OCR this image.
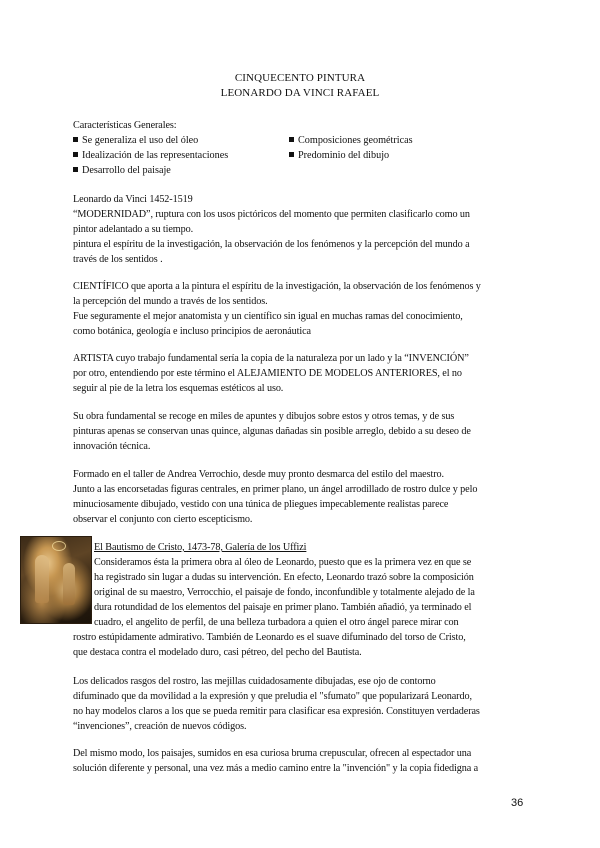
CINQUECENTO PINTURA
LEONARDO DA VINCI RAFAEL
Características Generales:
Se generaliza el uso del óleo
Idealización de las representaciones
Desarrollo del paisaje
Composiciones geométricas
Predominio del dibujo
Leonardo da Vinci 1452-1519
“MODERNIDAD”, ruptura con los usos pictóricos del momento que permiten clasificarlo como un
pintor adelantado a su tiempo.
pintura el espíritu de la investigación, la observación de los fenómenos y la percepción del mundo a
través de los sentidos .
CIENTÍFICO que aporta a la pintura el espíritu de la investigación, la observación de los fenómenos y
la percepción del mundo a través de los sentidos.
Fue seguramente el mejor anatomista y un científico sin igual en muchas ramas del conocimiento,
como botánica, geología e incluso principios de aeronáutica
ARTISTA cuyo trabajo fundamental sería la copia de la naturaleza por un lado y la “INVENCIÓN”
por otro, entendiendo por este término el ALEJAMIENTO DE MODELOS ANTERIORES, el no
seguir al pie de la letra los esquemas estéticos al uso.
Su obra fundamental se recoge en miles de apuntes y dibujos sobre estos y otros temas, y de sus
pinturas apenas se conservan unas quince, algunas dañadas sin posible arreglo, debido a su deseo de
innovación técnica.
Formado en el taller de Andrea Verrochio, desde muy pronto desmarca del estilo del maestro.
Junto a las encorsetadas figuras centrales, en primer plano, un ángel arrodillado de rostro dulce y pelo
minuciosamente dibujado, vestido con una túnica de pliegues impecablemente realistas parece
observar el conjunto con cierto escepticismo.
El Bautismo de Cristo, 1473-78, Galería de los Uffizi
Consideramos ésta la primera obra al óleo de Leonardo, puesto que es la primera vez en que se
ha registrado sin lugar a dudas su intervención. En efecto, Leonardo trazó sobre la composición
original de su maestro, Verrocchio, el paisaje de fondo, inconfundible y totalmente alejado de la
dura rotundidad de los elementos del paisaje en primer plano. También añadió, ya terminado el
cuadro, el angelito de perfil, de una belleza turbadora a quien el otro ángel parece mirar con
rostro estúpidamente admirativo. También de Leonardo es el suave difuminado del torso de Cristo,
que destaca contra el modelado duro, casi pétreo, del pecho del Bautista.
Los delicados rasgos del rostro, las mejillas cuidadosamente dibujadas, ese ojo de contorno
difuminado que da movilidad a la expresión y que preludia el "sfumato" que popularizará Leonardo,
no hay modelos claros a los que se pueda remitir para clasificar esa expresión. Constituyen verdaderas
“invenciones”, creación de nuevos códigos.
Del mismo modo, los paisajes, sumidos en esa curiosa bruma crepuscular, ofrecen al espectador una
solución diferente y personal, una vez más a medio camino entre la "invención" y la copia fidedigna a
36
